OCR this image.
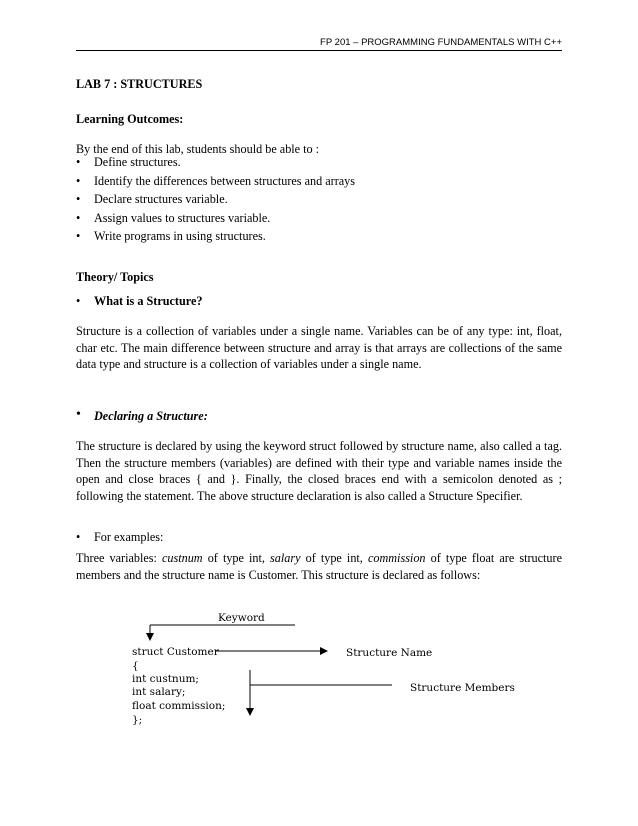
FP 201 – PROGRAMMING FUNDAMENTALS WITH C++
LAB 7 : STRUCTURES
Learning Outcomes:
By the end of this lab, students should be able to :
• Define structures.
• Identify the differences between structures and arrays
• Declare structures variable.
• Assign values to structures variable.
• Write programs in using structures.
Theory/ Topics
• What is a Structure?
Structure is a collection of variables under a single name. Variables can be of any type: int, float, char etc. The main difference between structure and array is that arrays are collections of the same data type and structure is a collection of variables under a single name.
• Declaring a Structure:
The structure is declared by using the keyword struct followed by structure name, also called a tag. Then the structure members (variables) are defined with their type and variable names inside the open and close braces { and }. Finally, the closed braces end with a semicolon denoted as ; following the statement. The above structure declaration is also called a Structure Specifier.
• For examples:
Three variables: custnum of type int, salary of type int, commission of type float are structure members and the structure name is Customer. This structure is declared as follows:
Keyword
struct Customer
{
int custnum;
int salary;
float commission;
};
Structure Name
Structure Members
